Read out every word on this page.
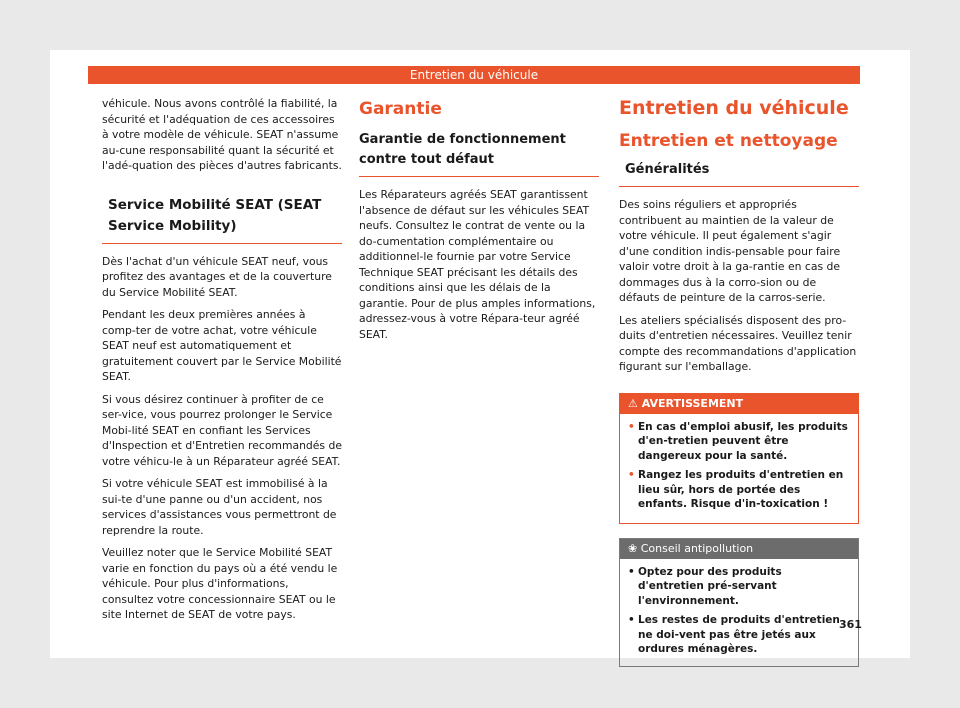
Entretien du véhicule

véhicule. Nous avons contrôlé la fiabilité, la sécurité et l'adéquation de ces accessoires à votre modèle de véhicule. SEAT n'assume au-cune responsabilité quant la sécurité et l'adé-quation des pièces d'autres fabricants.

Service Mobilité SEAT (SEAT Service Mobility)

Dès l'achat d'un véhicule SEAT neuf, vous profitez des avantages et de la couverture du Service Mobilité SEAT.

Pendant les deux premières années à comp-ter de votre achat, votre véhicule SEAT neuf est automatiquement et gratuitement couvert par le Service Mobilité SEAT.

Si vous désirez continuer à profiter de ce ser-vice, vous pourrez prolonger le Service Mobi-lité SEAT en confiant les Services d'Inspection et d'Entretien recommandés de votre véhicu-le à un Réparateur agréé SEAT.

Si votre véhicule SEAT est immobilisé à la sui-te d'une panne ou d'un accident, nos services d'assistances vous permettront de reprendre la route.

Veuillez noter que le Service Mobilité SEAT varie en fonction du pays où a été vendu le véhicule. Pour plus d'informations, consultez votre concessionnaire SEAT ou le site Internet de SEAT de votre pays.

Garantie
Garantie de fonctionnement contre tout défaut

Les Réparateurs agréés SEAT garantissent l'absence de défaut sur les véhicules SEAT neufs. Consultez le contrat de vente ou la do-cumentation complémentaire ou additionnel-le fournie par votre Service Technique SEAT précisant les détails des conditions ainsi que les délais de la garantie. Pour de plus amples informations, adressez-vous à votre Répara-teur agréé SEAT.

Entretien du véhicule
Entretien et nettoyage
Généralités

Des soins réguliers et appropriés contribuent au maintien de la valeur de votre véhicule. Il peut également s'agir d'une condition indis-pensable pour faire valoir votre droit à la ga-rantie en cas de dommages dus à la corro-sion ou de défauts de peinture de la carros-serie.

Les ateliers spécialisés disposent des pro-duits d'entretien nécessaires. Veuillez tenir compte des recommandations d'application figurant sur l'emballage.

⚠ AVERTISSEMENT
• En cas d'emploi abusif, les produits d'en-tretien peuvent être dangereux pour la santé.
• Rangez les produits d'entretien en lieu sûr, hors de portée des enfants. Risque d'in-toxication !
❀ Conseil antipollution
• Optez pour des produits d'entretien pré-servant l'environnement.
• Les restes de produits d'entretien ne doi-vent pas être jetés aux ordures ménagères.
361
